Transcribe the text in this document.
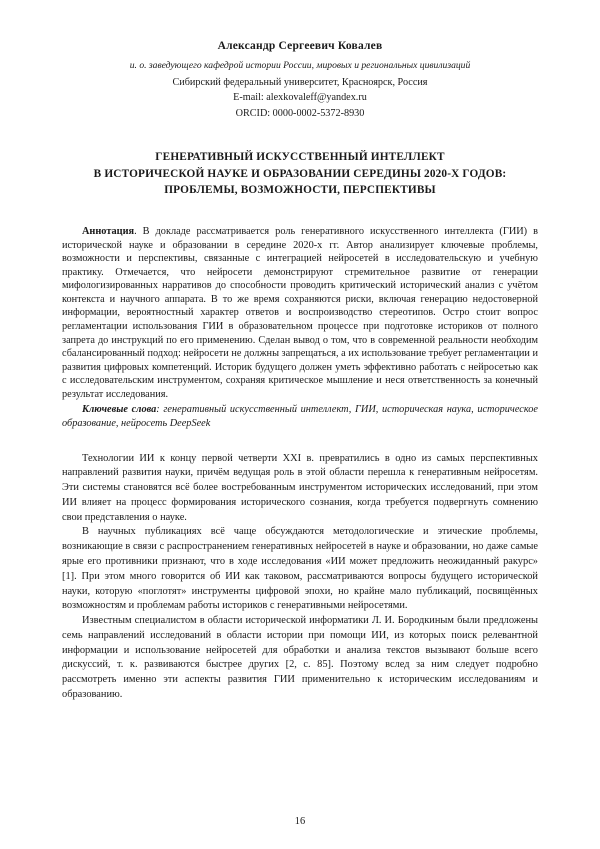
Александр Сергеевич Ковалев
и. о. заведующего кафедрой истории России, мировых и региональных цивилизаций
Сибирский федеральный университет, Красноярск, Россия
E-mail: alexkovaleff@yandex.ru
ORCID: 0000-0002-5372-8930
ГЕНЕРАТИВНЫЙ ИСКУССТВЕННЫЙ ИНТЕЛЛЕКТ
В ИСТОРИЧЕСКОЙ НАУКЕ И ОБРАЗОВАНИИ СЕРЕДИНЫ 2020-Х ГОДОВ:
ПРОБЛЕМЫ, ВОЗМОЖНОСТИ, ПЕРСПЕКТИВЫ

Аннотация. В докладе рассматривается роль генеративного искусственного интеллекта (ГИИ) в исторической науке и образовании в середине 2020-х гг. Автор анализирует ключевые проблемы, возможности и перспективы, связанные с интеграцией нейросетей в исследовательскую и учебную практику. Отмечается, что нейросети демонстрируют стремительное развитие от генерации мифологизированных нарративов до способности проводить критический исторический анализ с учётом контекста и научного аппарата. В то же время сохраняются риски, включая генерацию недостоверной информации, вероятностный характер ответов и воспроизводство стереотипов. Остро стоит вопрос регламентации использования ГИИ в образовательном процессе при подготовке историков от полного запрета до инструкций по его применению. Сделан вывод о том, что в современной реальности необходим сбалансированный подход: нейросети не должны запрещаться, а их использование требует регламентации и развития цифровых компетенций. Историк будущего должен уметь эффективно работать с нейросетью как с исследовательским инструментом, сохраняя критическое мышление и неся ответственность за конечный результат исследования.

Ключевые слова: генеративный искусственный интеллект, ГИИ, историческая наука, историческое образование, нейросеть DeepSeek

Технологии ИИ к концу первой четверти XXI в. превратились в одно из самых перспективных направлений развития науки, причём ведущая роль в этой области перешла к генеративным нейросетям. Эти системы становятся всё более востребованным инструментом исторических исследований, при этом ИИ влияет на процесс формирования исторического сознания, когда требуется подвергнуть сомнению свои представления о науке.

В научных публикациях всё чаще обсуждаются методологические и этические проблемы, возникающие в связи с распространением генеративных нейросетей в науке и образовании, но даже самые ярые его противники признают, что в ходе исследования «ИИ может предложить неожиданный ракурс» [1]. При этом много говорится об ИИ как таковом, рассматриваются вопросы будущего исторической науки, которую «поглотят» инструменты цифровой эпохи, но крайне мало публикаций, посвящённых возможностям и проблемам работы историков с генеративными нейросетями.

Известным специалистом в области исторической информатики Л. И. Бородкиным были предложены семь направлений исследований в области истории при помощи ИИ, из которых поиск релевантной информации и использование нейросетей для обработки и анализа текстов вызывают больше всего дискуссий, т. к. развиваются быстрее других [2, с. 85]. Поэтому вслед за ним следует подробно рассмотреть именно эти аспекты развития ГИИ применительно к историческим исследованиям и образованию.

16
